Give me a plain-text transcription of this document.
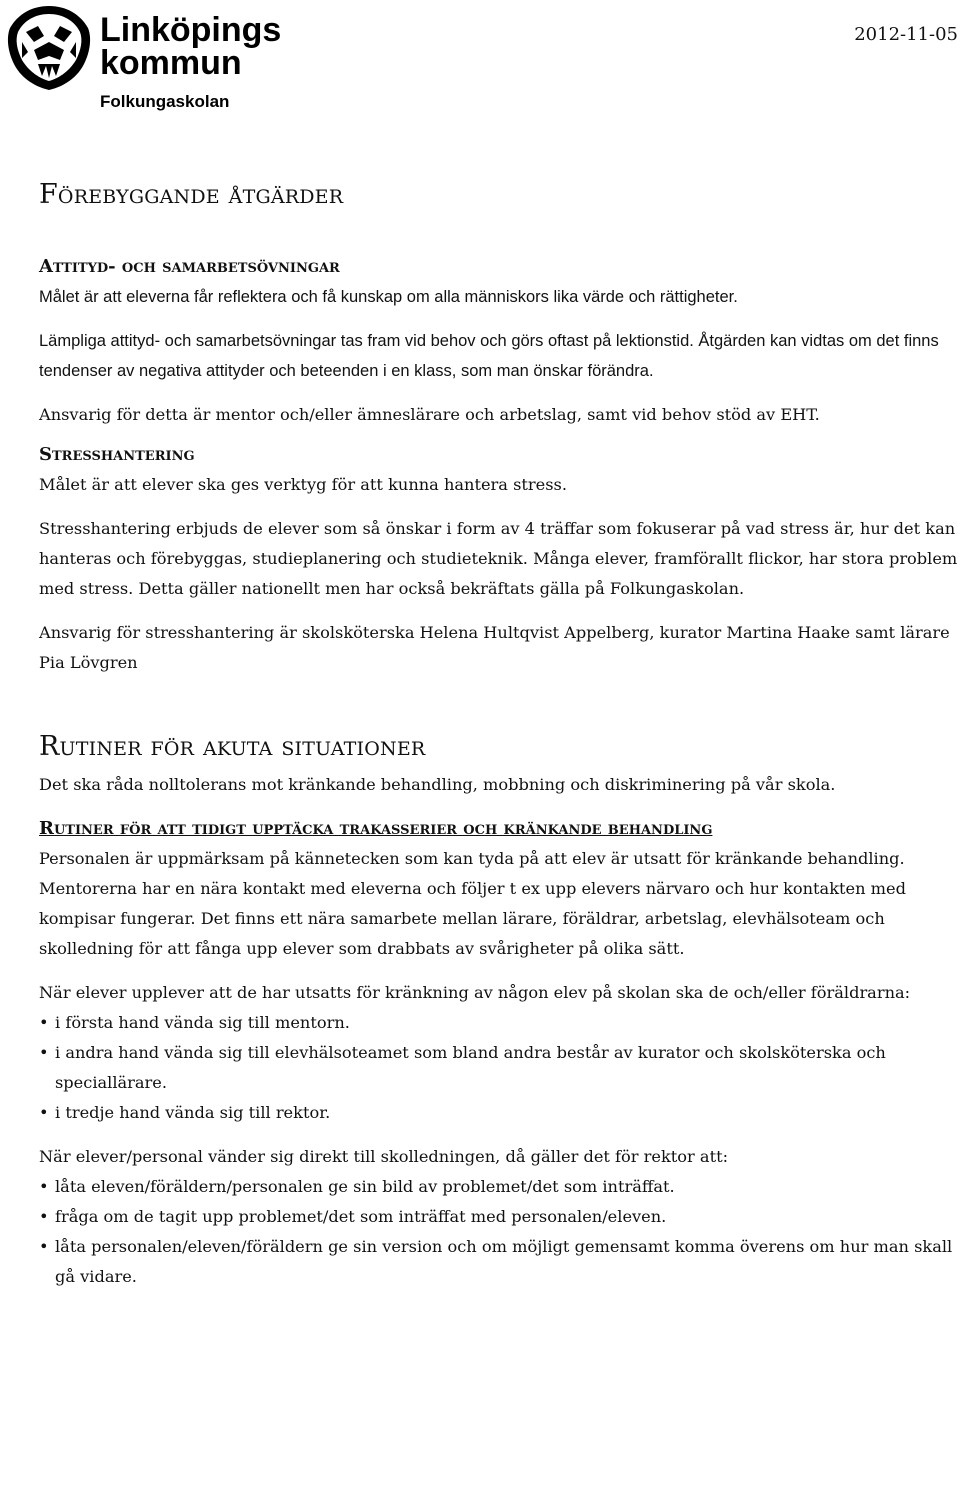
Linköpings
kommun
Folkungaskolan
2012-11-05
Förebyggande åtgärder
Attityd- och samarbetsövningar
Målet är att eleverna får reflektera och få kunskap om alla människors lika värde och rättigheter.
Lämpliga attityd- och samarbetsövningar tas fram vid behov och görs oftast på lektionstid. Åtgärden kan vidtas om det finns tendenser av negativa attityder och beteenden i en klass, som man önskar förändra.
Ansvarig för detta är mentor och/eller ämneslärare och arbetslag, samt vid behov stöd av EHT.
Stresshantering
Målet är att elever ska ges verktyg för att kunna hantera stress.
Stresshantering erbjuds de elever som så önskar i form av 4 träffar som fokuserar på vad stress är, hur det kan hanteras och förebyggas, studieplanering och studieteknik. Många elever, framförallt flickor, har stora problem med stress. Detta gäller nationellt men har också bekräftats gälla på Folkungaskolan.
Ansvarig för stresshantering är skolsköterska Helena Hultqvist Appelberg, kurator Martina Haake samt lärare Pia Lövgren
Rutiner för akuta situationer
Det ska råda nolltolerans mot kränkande behandling, mobbning och diskriminering på vår skola.
Rutiner för att tidigt upptäcka trakasserier och kränkande behandling
Personalen är uppmärksam på kännetecken som kan tyda på att elev är utsatt för kränkande behandling. Mentorerna har en nära kontakt med eleverna och följer t ex upp elevers närvaro och hur kontakten med kompisar fungerar. Det finns ett nära samarbete mellan lärare, föräldrar, arbetslag, elevhälsoteam och skolledning för att fånga upp elever som drabbats av svårigheter på olika sätt.
När elever upplever att de har utsatts för kränkning av någon elev på skolan ska de och/eller föräldrarna:
• i första hand vända sig till mentorn.
• i andra hand vända sig till elevhälsoteamet som bland andra består av kurator och skolsköterska och speciallärare.
• i tredje hand vända sig till rektor.
När elever/personal vänder sig direkt till skolledningen, då gäller det för rektor att:
• låta eleven/föräldern/personalen ge sin bild av problemet/det som inträffat.
• fråga om de tagit upp problemet/det som inträffat med personalen/eleven.
• låta personalen/eleven/föräldern ge sin version och om möjligt gemensamt komma överens om hur man skall gå vidare.
